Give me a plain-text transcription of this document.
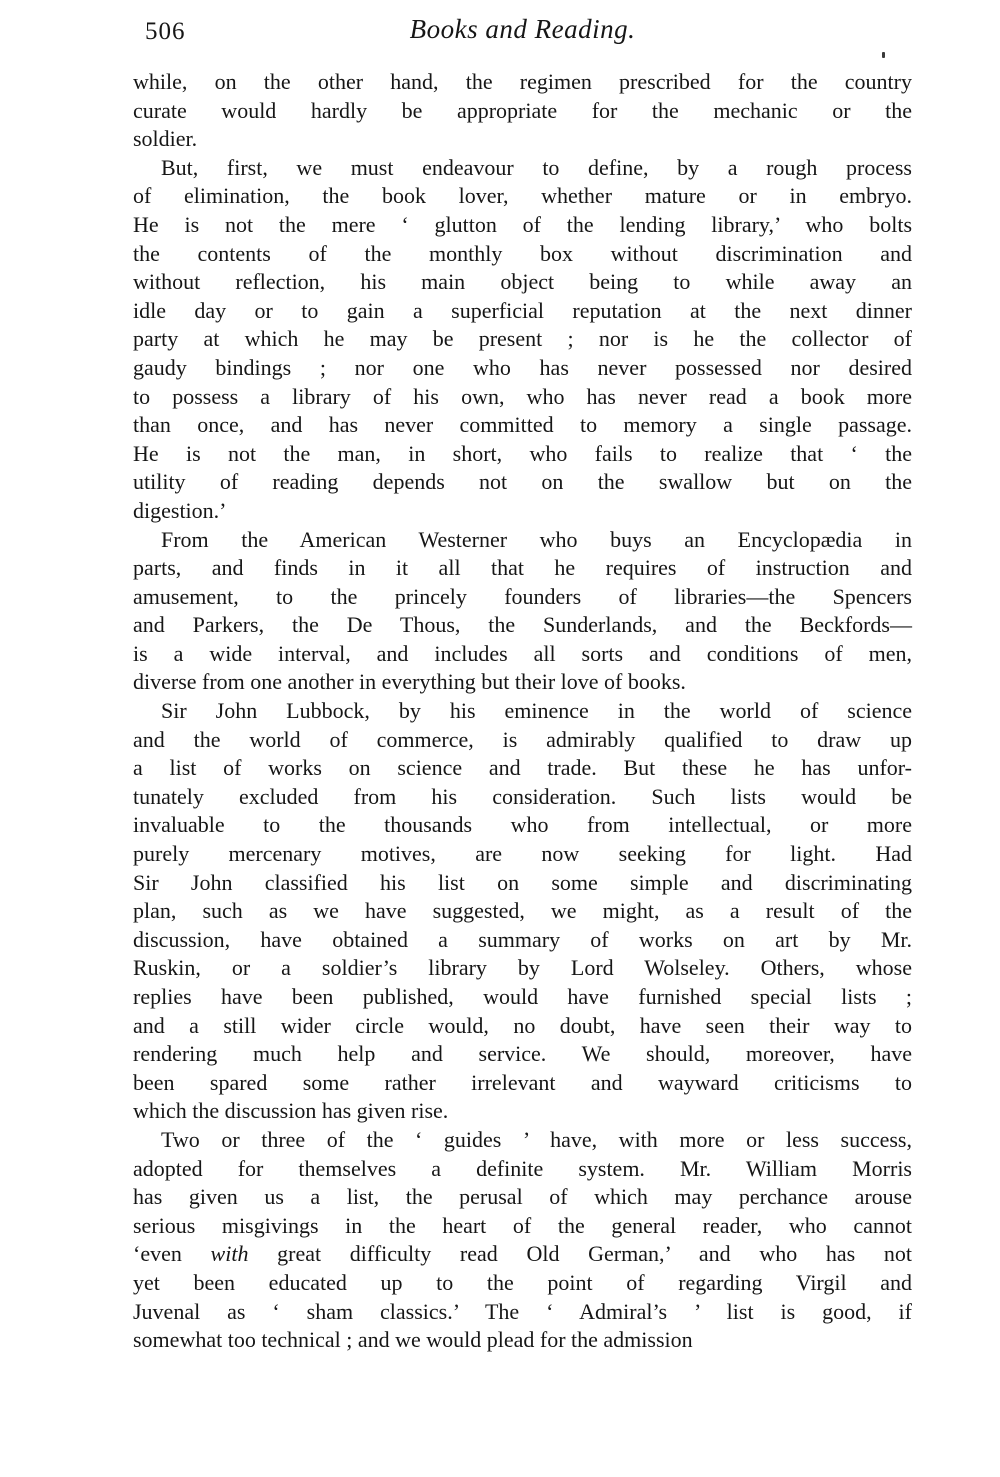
506	Books and Reading.
while, on the other hand, the regimen prescribed for the country
curate would hardly be appropriate for the mechanic or the
soldier.
But, first, we must endeavour to define, by a rough process
of elimination, the book lover, whether mature or in embryo.
He is not the mere ‘ glutton of the lending library,’ who bolts
the contents of the monthly box without discrimination and
without reflection, his main object being to while away an
idle day or to gain a superficial reputation at the next dinner
party at which he may be present ; nor is he the collector of
gaudy bindings ; nor one who has never possessed nor desired
to possess a library of his own, who has never read a book more
than once, and has never committed to memory a single passage.
He is not the man, in short, who fails to realize that ‘ the
utility of reading depends not on the swallow but on the
digestion.’
From the American Westerner who buys an Encyclopædia in
parts, and finds in it all that he requires of instruction and
amusement, to the princely founders of libraries—the Spencers
and Parkers, the De Thous, the Sunderlands, and the Beckfords—
is a wide interval, and includes all sorts and conditions of men,
diverse from one another in everything but their love of books.
Sir John Lubbock, by his eminence in the world of science
and the world of commerce, is admirably qualified to draw up
a list of works on science and trade. But these he has unfor-
tunately excluded from his consideration. Such lists would be
invaluable to the thousands who from intellectual, or more
purely mercenary motives, are now seeking for light. Had
Sir John classified his list on some simple and discriminating
plan, such as we have suggested, we might, as a result of the
discussion, have obtained a summary of works on art by Mr.
Ruskin, or a soldier’s library by Lord Wolseley. Others, whose
replies have been published, would have furnished special lists ;
and a still wider circle would, no doubt, have seen their way to
rendering much help and service. We should, moreover, have
been spared some rather irrelevant and wayward criticisms to
which the discussion has given rise.
Two or three of the ‘ guides ’ have, with more or less success,
adopted for themselves a definite system. Mr. William Morris
has given us a list, the perusal of which may perchance arouse
serious misgivings in the heart of the general reader, who cannot
‘even with great difficulty read Old German,’ and who has not
yet been educated up to the point of regarding Virgil and
Juvenal as ‘ sham classics.’ The ‘ Admiral’s ’ list is good, if
somewhat too technical ; and we would plead for the admission
